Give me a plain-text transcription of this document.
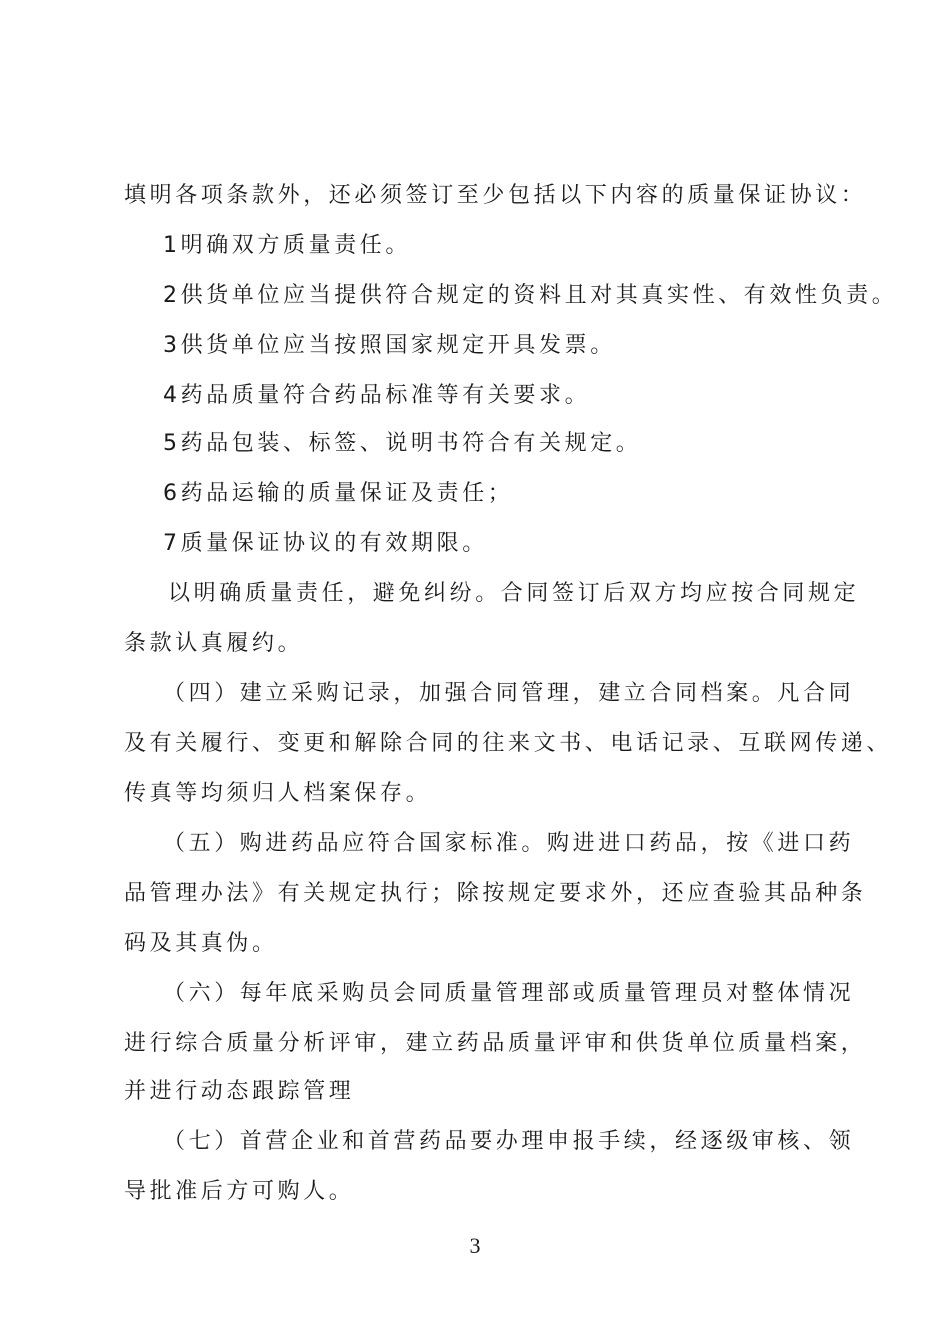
填明各项条款外，还必须签订至少包括以下内容的质量保证协议：
1明确双方质量责任。
2供货单位应当提供符合规定的资料且对其真实性、有效性负责。
3供货单位应当按照国家规定开具发票。
4药品质量符合药品标准等有关要求。
5药品包装、标签、说明书符合有关规定。
6药品运输的质量保证及责任；
7质量保证协议的有效期限。
以明确质量责任，避免纠纷。合同签订后双方均应按合同规定
条款认真履约。
（四）建立采购记录，加强合同管理，建立合同档案。凡合同
及有关履行、变更和解除合同的往来文书、电话记录、互联网传递、
传真等均须归人档案保存。
（五）购进药品应符合国家标准。购进进口药品，按《进口药
品管理办法》有关规定执行；除按规定要求外，还应查验其品种条
码及其真伪。
（六）每年底采购员会同质量管理部或质量管理员对整体情况
进行综合质量分析评审，建立药品质量评审和供货单位质量档案，
并进行动态跟踪管理
（七）首营企业和首营药品要办理申报手续，经逐级审核、领
导批准后方可购人。
3
